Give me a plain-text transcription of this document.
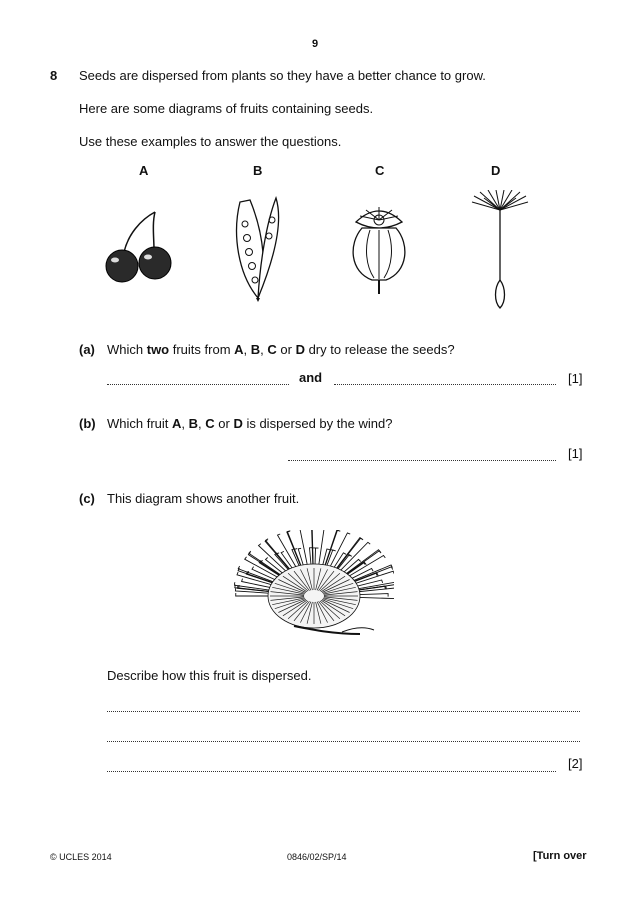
9
8 Seeds are dispersed from plants so they have a better chance to grow.
Here are some diagrams of fruits containing seeds.
Use these examples to answer the questions.
A	B	C	D
(a) Which two fruits from A, B, C or D dry to release the seeds?
and	[1]
(b) Which fruit A, B, C or D is dispersed by the wind?
[1]
(c) This diagram shows another fruit.
Describe how this fruit is dispersed.
[2]
© UCLES 2014	0846/02/SP/14	[Turn over
